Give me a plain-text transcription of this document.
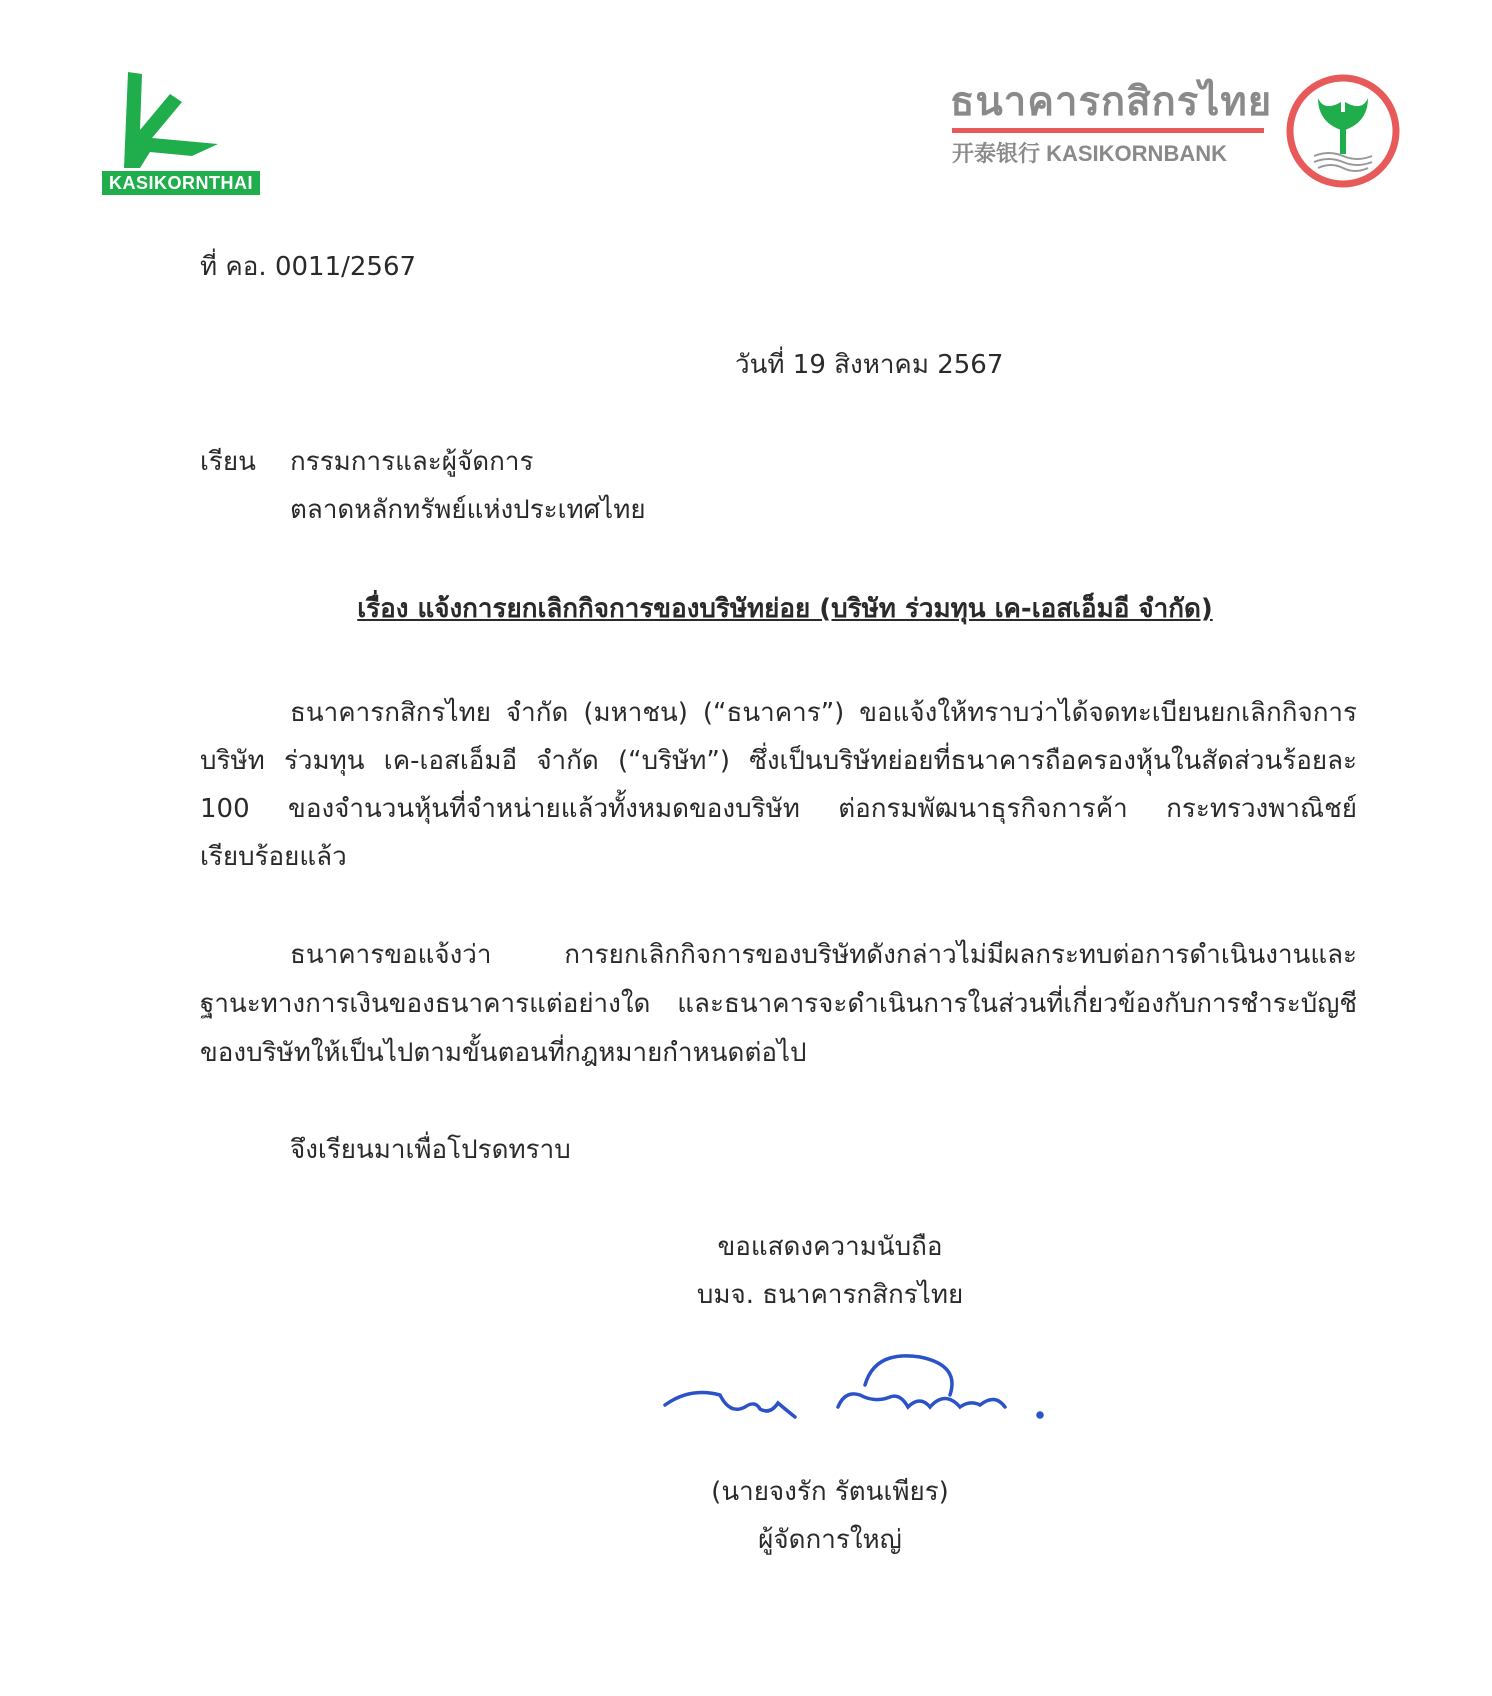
KASIKORNTHAI
ธนาคารกสิกรไทย
开泰银行 KASIKORNBANK
ที่ คอ. 0011/2567
วันที่ 19 สิงหาคม 2567
เรียน กรรมการและผู้จัดการ
ตลาดหลักทรัพย์แห่งประเทศไทย
เรื่อง แจ้งการยกเลิกกิจการของบริษัทย่อย (บริษัท ร่วมทุน เค-เอสเอ็มอี จำกัด)
ธนาคารกสิกรไทย จำกัด (มหาชน) (“ธนาคาร”) ขอแจ้งให้ทราบว่าได้จดทะเบียนยกเลิกกิจการ
บริษัท ร่วมทุน เค-เอสเอ็มอี จำกัด (“บริษัท”) ซึ่งเป็นบริษัทย่อยที่ธนาคารถือครองหุ้นในสัดส่วนร้อยละ
100 ของจำนวนหุ้นที่จำหน่ายแล้วทั้งหมดของบริษัท ต่อกรมพัฒนาธุรกิจการค้า กระทรวงพาณิชย์
เรียบร้อยแล้ว
ธนาคารขอแจ้งว่า การยกเลิกกิจการของบริษัทดังกล่าวไม่มีผลกระทบต่อการดำเนินงานและ
ฐานะทางการเงินของธนาคารแต่อย่างใด และธนาคารจะดำเนินการในส่วนที่เกี่ยวข้องกับการชำระบัญชี
ของบริษัทให้เป็นไปตามขั้นตอนที่กฎหมายกำหนดต่อไป
จึงเรียนมาเพื่อโปรดทราบ
ขอแสดงความนับถือ
บมจ. ธนาคารกสิกรไทย
(นายจงรัก รัตนเพียร)
ผู้จัดการใหญ่
